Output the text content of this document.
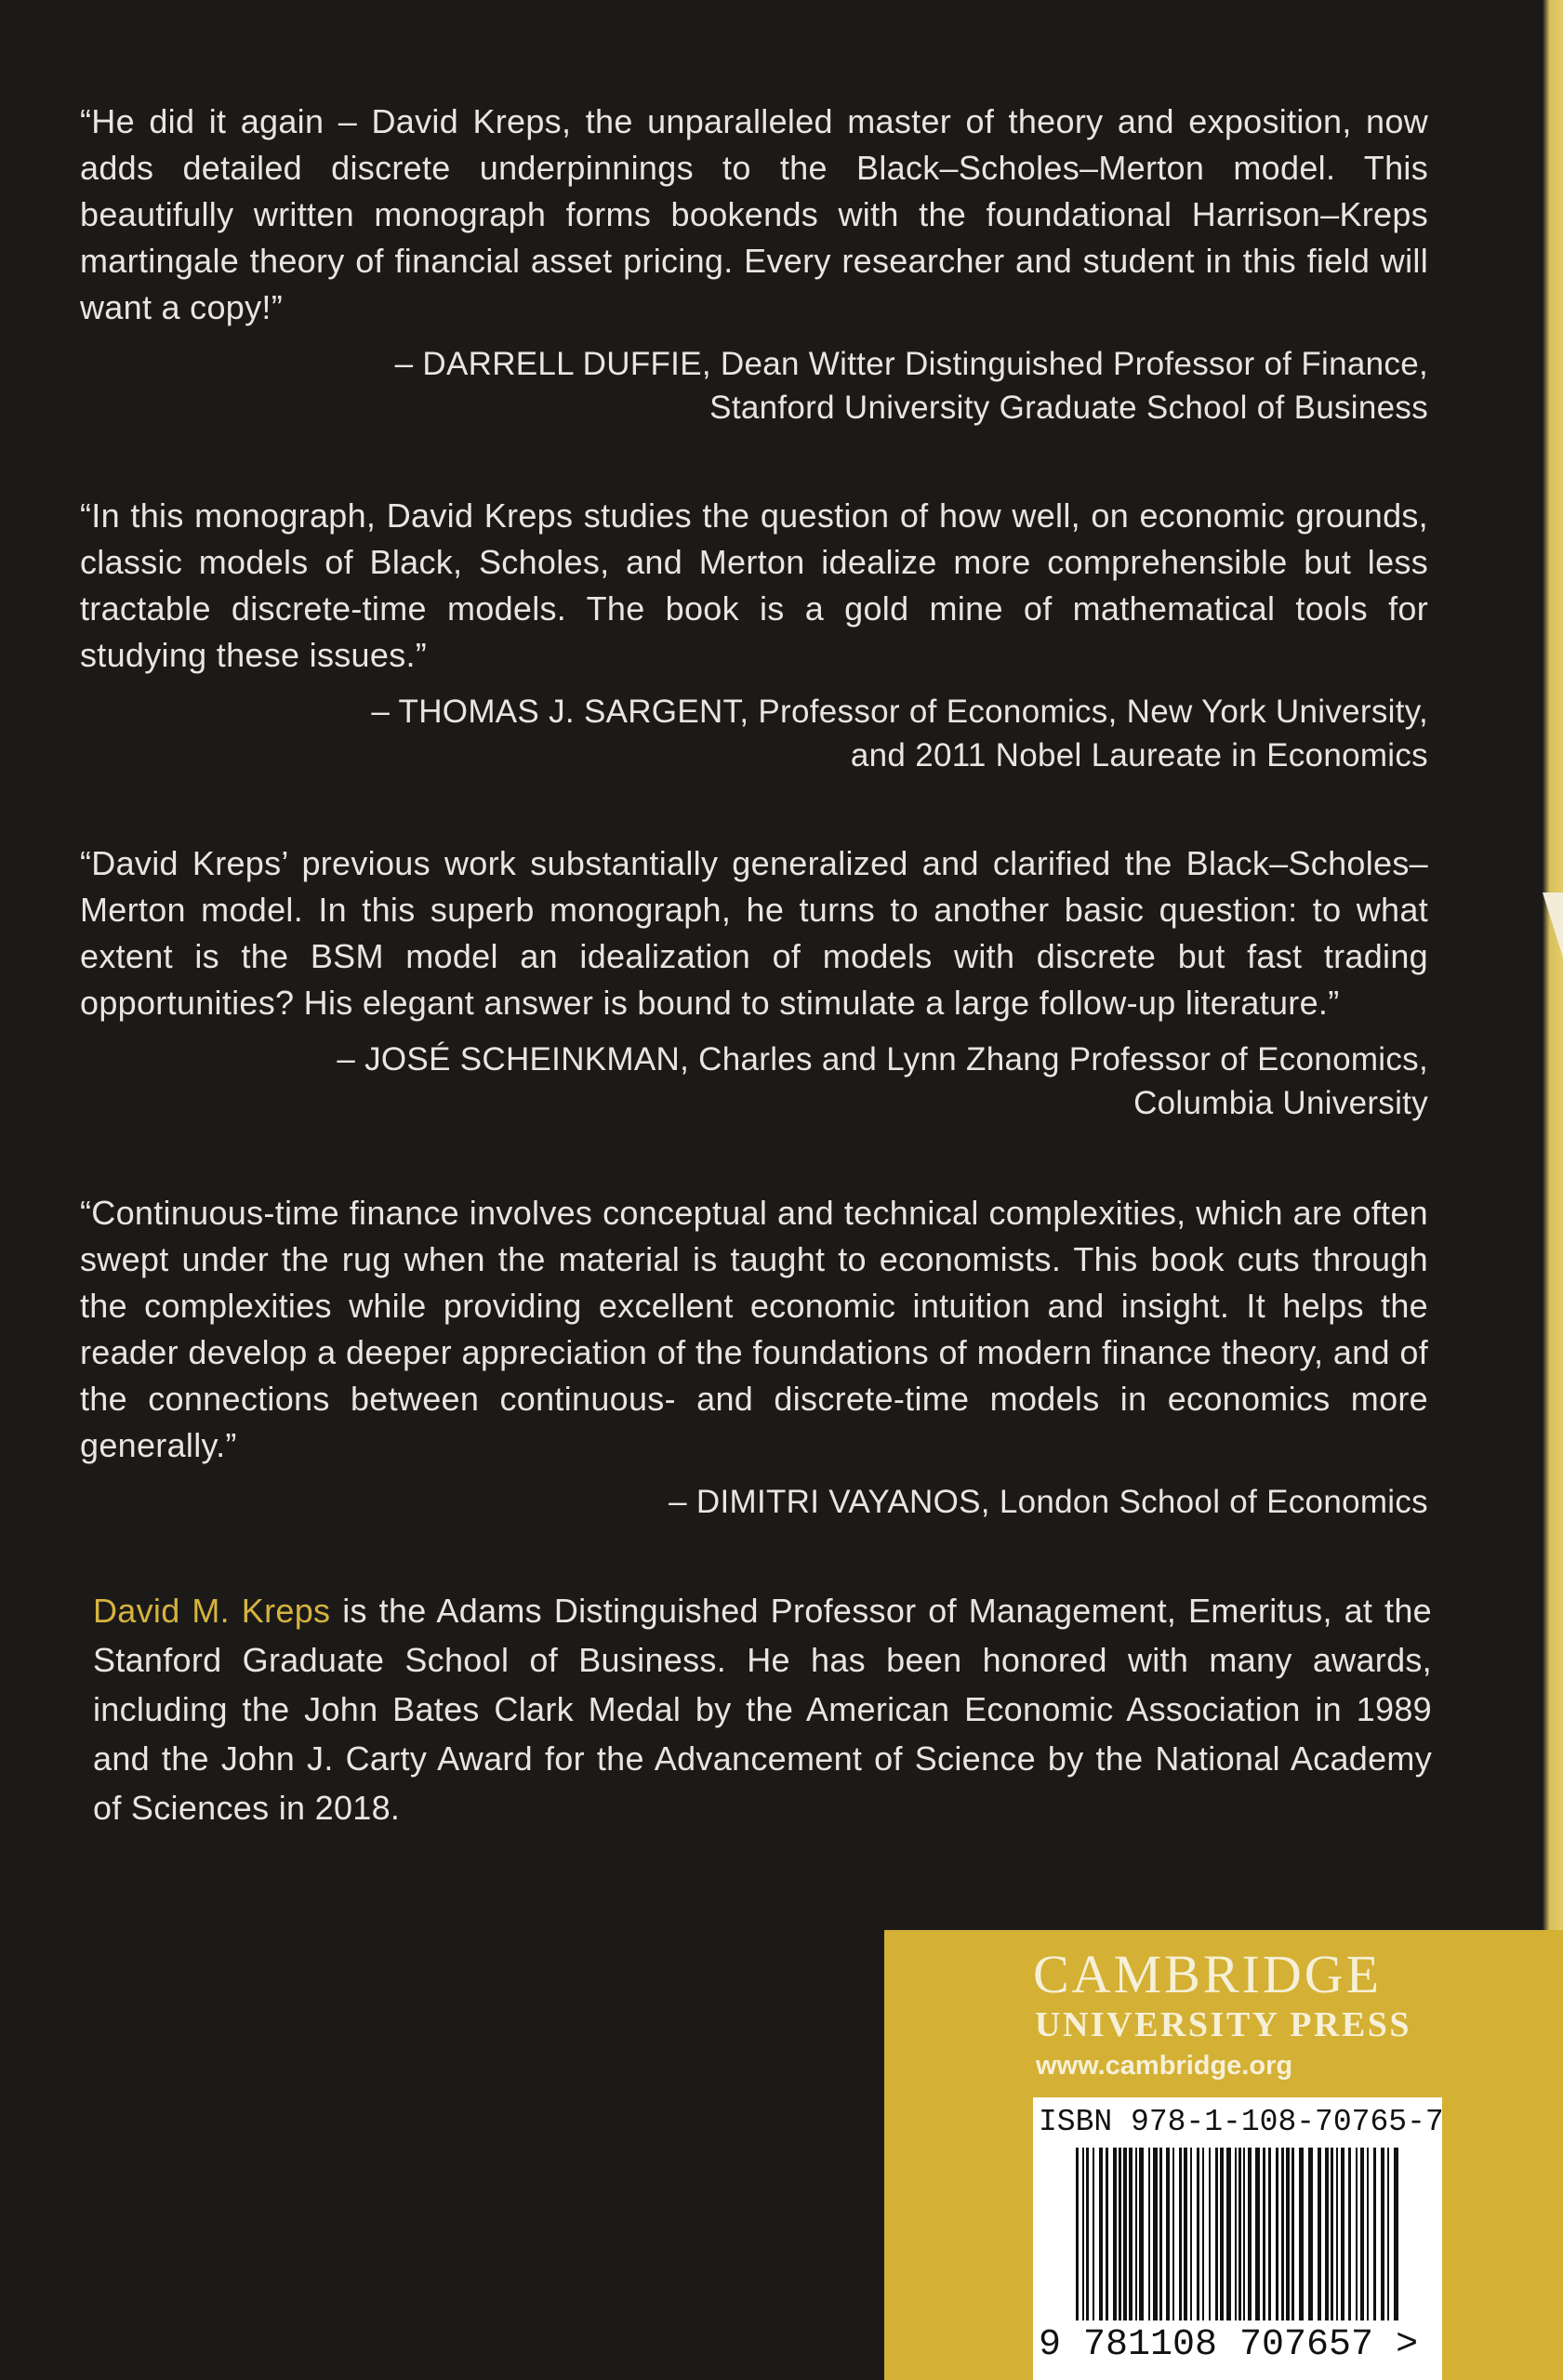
“He did it again – David Kreps, the unparalleled master of theory and exposition, now adds detailed discrete underpinnings to the Black–Scholes–Merton model. This beautifully written monograph forms bookends with the foundational Harrison–Kreps martingale theory of financial asset pricing. Every researcher and student in this field will want a copy!”

– DARRELL DUFFIE, Dean Witter Distinguished Professor of Finance,
Stanford University Graduate School of Business

“In this monograph, David Kreps studies the question of how well, on economic grounds, classic models of Black, Scholes, and Merton idealize more comprehensible but less tractable discrete-time models. The book is a gold mine of mathematical tools for studying these issues.”

– THOMAS J. SARGENT, Professor of Economics, New York University,
and 2011 Nobel Laureate in Economics

“David Kreps’ previous work substantially generalized and clarified the Black–Scholes–Merton model. In this superb monograph, he turns to another basic question: to what extent is the BSM model an idealization of models with discrete but fast trading opportunities? His elegant answer is bound to stimulate a large follow-up literature.”

– JOSÉ SCHEINKMAN, Charles and Lynn Zhang Professor of Economics,
Columbia University

“Continuous-time finance involves conceptual and technical complexities, which are often swept under the rug when the material is taught to economists. This book cuts through the complexities while providing excellent economic intuition and insight. It helps the reader develop a deeper appreciation of the foundations of modern finance theory, and of the connections between continuous- and discrete-time models in economics more generally.”

– DIMITRI VAYANOS, London School of Economics
David M. Kreps is the Adams Distinguished Professor of Management, Emeritus, at the Stanford Graduate School of Business. He has been honored with many awards, including the John Bates Clark Medal by the American Economic Association in 1989 and the John J. Carty Award for the Advancement of Science by the National Academy of Sciences in 2018.
CAMBRIDGE
UNIVERSITY PRESS
www.cambridge.org
ISBN 978-1-108-70765-7
9 781108 707657 >
